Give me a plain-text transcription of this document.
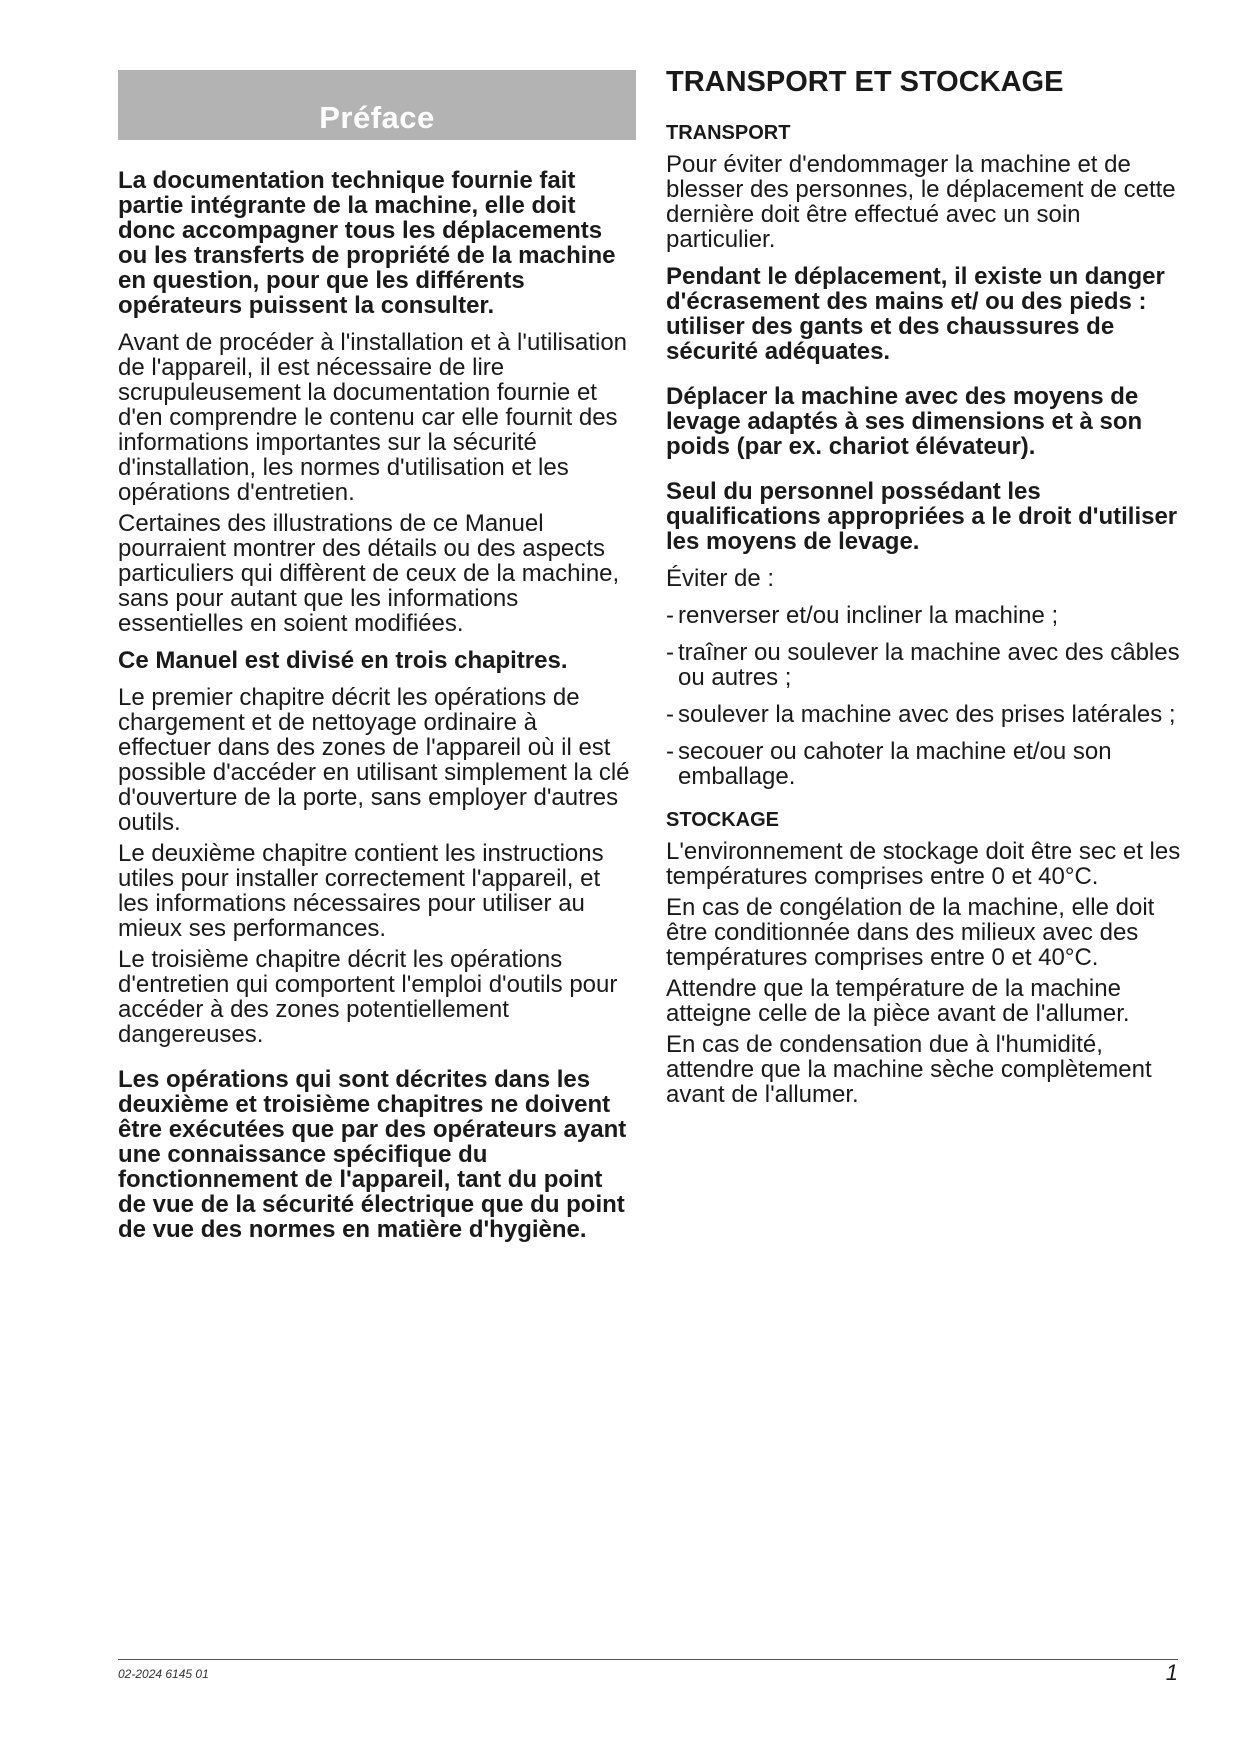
Préface

La documentation technique fournie fait partie intégrante de la machine, elle doit donc accompagner tous les déplacements ou les transferts de propriété de la machine en question, pour que les différents opérateurs puissent la consulter.

Avant de procéder à l'installation et à l'utilisation de l'appareil, il est nécessaire de lire scrupuleusement la documentation fournie et d'en comprendre le contenu car elle fournit des informations importantes sur la sécurité d'installation, les normes d'utilisation et les opérations d'entretien.

Certaines des illustrations de ce Manuel pourraient montrer des détails ou des aspects particuliers qui diffèrent de ceux de la machine, sans pour autant que les informations essentielles en soient modifiées.

Ce Manuel est divisé en trois chapitres.

Le premier chapitre décrit les opérations de chargement et de nettoyage ordinaire à effectuer dans des zones de l'appareil où il est possible d'accéder en utilisant simplement la clé d'ouverture de la porte, sans employer d'autres outils.

Le deuxième chapitre contient les instructions utiles pour installer correctement l'appareil, et les informations nécessaires pour utiliser au mieux ses performances.

Le troisième chapitre décrit les opérations d'entretien qui comportent l'emploi d'outils pour accéder à des zones potentiellement dangereuses.

Les opérations qui sont décrites dans les deuxième et troisième chapitres ne doivent être exécutées que par des opérateurs ayant une connaissance spécifique du fonctionnement de l'appareil, tant du point de vue de la sécurité électrique que du point de vue des normes en matière d'hygiène.

TRANSPORT ET STOCKAGE
TRANSPORT

Pour éviter d'endommager la machine et de blesser des personnes, le déplacement de cette dernière doit être effectué avec un soin particulier.

Pendant le déplacement, il existe un danger d'écrasement des mains et/ ou des pieds : utiliser des gants et des chaussures de sécurité adéquates.

Déplacer la machine avec des moyens de levage adaptés à ses dimensions et à son poids (par ex. chariot élévateur).

Seul du personnel possédant les qualifications appropriées a le droit d'utiliser les moyens de levage.

Éviter de :

- renverser et/ou incliner la machine ;
- traîner ou soulever la machine avec des câbles ou autres ;
- soulever la machine avec des prises latérales ;
- secouer ou cahoter la machine et/ou son emballage.
STOCKAGE

L'environnement de stockage doit être sec et les températures comprises entre 0 et 40°C.

En cas de congélation de la machine, elle doit être conditionnée dans des milieux avec des températures comprises entre 0 et 40°C.

Attendre que la température de la machine atteigne celle de la pièce avant de l'allumer.

En cas de condensation due à l'humidité, attendre que la machine sèche complètement avant de l'allumer.

02-2024 6145 01	1
